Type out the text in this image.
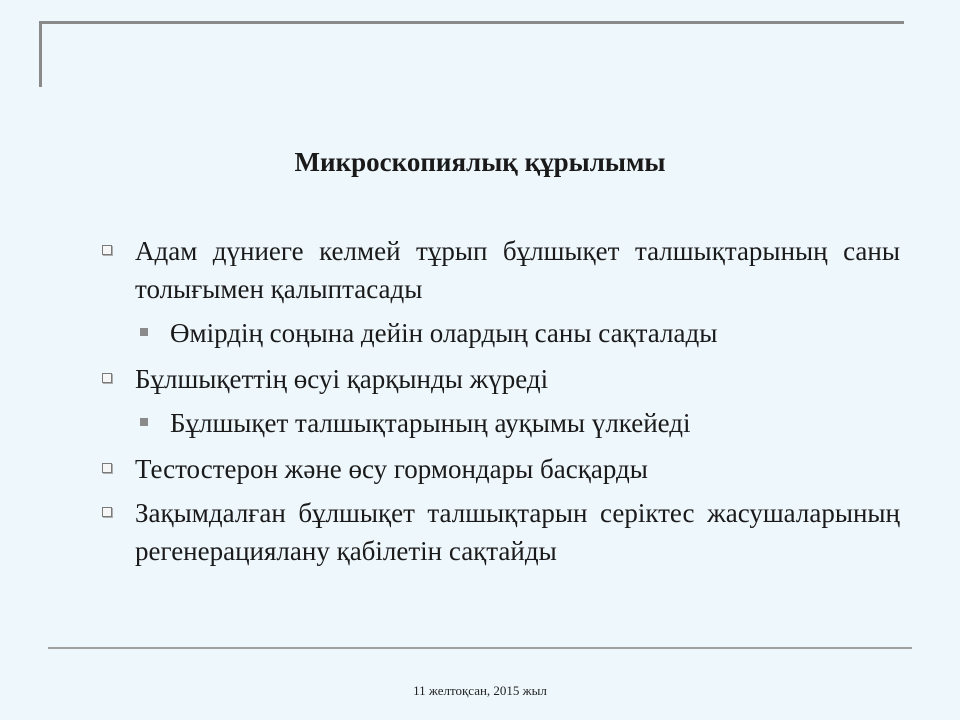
Микроскопиялық құрылымы
Адам дүниеге келмей тұрып бұлшықет талшықтарының саны толығымен қалыптасады
Өмірдің соңына дейін олардың саны сақталады
Бұлшықеттің өсуі қарқынды жүреді
Бұлшықет талшықтарының ауқымы үлкейеді
Тестостерон және өсу гормондары басқарды
Зақымдалған бұлшықет талшықтарын серіктес жасушаларының регенерациялану қабілетін сақтайды
11 желтоқсан, 2015 жыл
